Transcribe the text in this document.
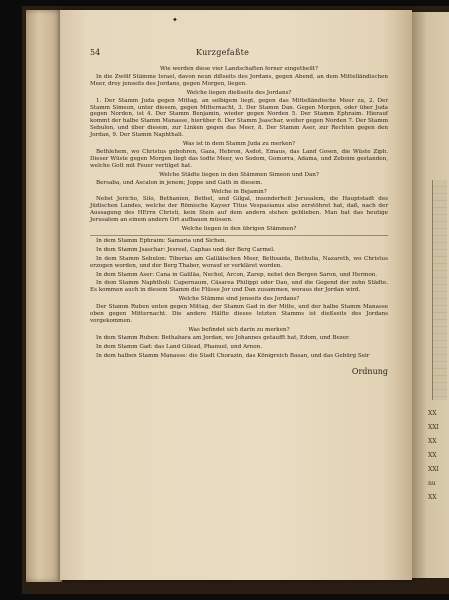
✦
54	Kurzgefaßte
Wie werden diese vier Landschaften ferner eingetheilt?
In die Zwölf Stämme Israel, davon neun dißseits des Jordans, gegen Abend, an dem Mittelländischen Meer, drey jenseits des Jordans, gegen Morgen, liegen.
Welche liegen dießseits des Jordans?
1. Der Stamm Juda gegen Mittag, an selbigem liegt, gegen das Mittelländische Meer zu, 2. Der Stamm Simeon, unter diesem, gegen Mitternacht, 3. Der Stamm Dan. Gegen Morgen, oder über Juda gegen Norden, ist 4. Der Stamm Benjamin, wieder gegen Norden 5. Der Stamm Ephraim. Hierauf kommt der halbe Stamm Manasse, hierüber 6. Der Stamm Jsaschar, weiter gegen Norden 7. Der Stamm Sebulon, und über diesem, zur Linken gegen das Meer, 8. Der Stamm Aser, zur Rechten gegen den Jordan, 9. Der Stamm Naphthali.
Was ist in dem Stamm Juda zu merken?
Bethlehem, wo Christus gebohren, Gaza, Hebron, Asdot, Emaus, das Land Gosen, die Wüste Ziph. Dieser Wüste gegen Morgen liegt das todte Meer, wo Sodom, Gomorra, Adama, und Zeboim gestanden, welche Gott mit Feuer vertilget hat.
Welche Städte liegen in den Stämmen Simeon und Dan?
Bersaba, und Ascalon in jenem; Joppe und Gath in diesem.
Welche in Bejamin?
Nebst Jericho, Silo, Bethanien, Bethel, und Gilgal, insonderheit Jerusalem, die Hauptstadt des Jüdischen Landes, welche der Römische Kayser Titus Vespasianus also zerstöhret hat, daß, nach der Aussagung des HErrn Christi, kein Stein auf dem andern stehen geblieben. Man hat das heutige Jerusalem an einem andern Ort aufbauen müssen.
Welche liegen in den übrigen Stämmen?
In dem Stamm Ephraim: Samaria und Sichen.
In dem Stamm Jsaschar: Jesreel, Caphas und der Berg Carmel.
In dem Stamm Sebulon: Tiberias am Galiläischen Meer, Bethsaida, Bethulia, Nazareth, wo Christus erzogen worden, und der Berg Thabor, worauf er verkläret worden.
In dem Stamm Aser: Cana in Galiläa, Nechol, Arcon, Zarep, nebst den Bergen Saron, und Hermon.
In dem Stamm Naphtholi: Capernaum, Cäsarea Philippi oder Dan, und die Gegend der zehn Städte. Es kommen auch in diesem Stamm die Flüsse Jor und Dan zusammen, woraus der Jordan wird.
Welche Stämme sind jenseits des Jordans?
Der Stamm Ruben unten gegen Mittag, der Stamm Gad in der Mitte, und der halbe Stamm Manasse oben gegen Mitternacht. Die andere Hälfte dieses letzten Stamms ist dießseits des Jordans vorgekommen.
Was befindet sich darin zu merken?
In dem Stamm Ruben: Bethabara am Jordan, wo Johannes getaufft hat, Edom, und Bezer.
In dem Stamm Gad: das Land Gilead, Phanuel, und Arnon.
In dem halben Stamm Manasse: die Stadt Chorazin, das Königreich Basan, und das Gebürg Seir
Ordnung
XX
XXI
XX
XX
XXI
nu
XX
